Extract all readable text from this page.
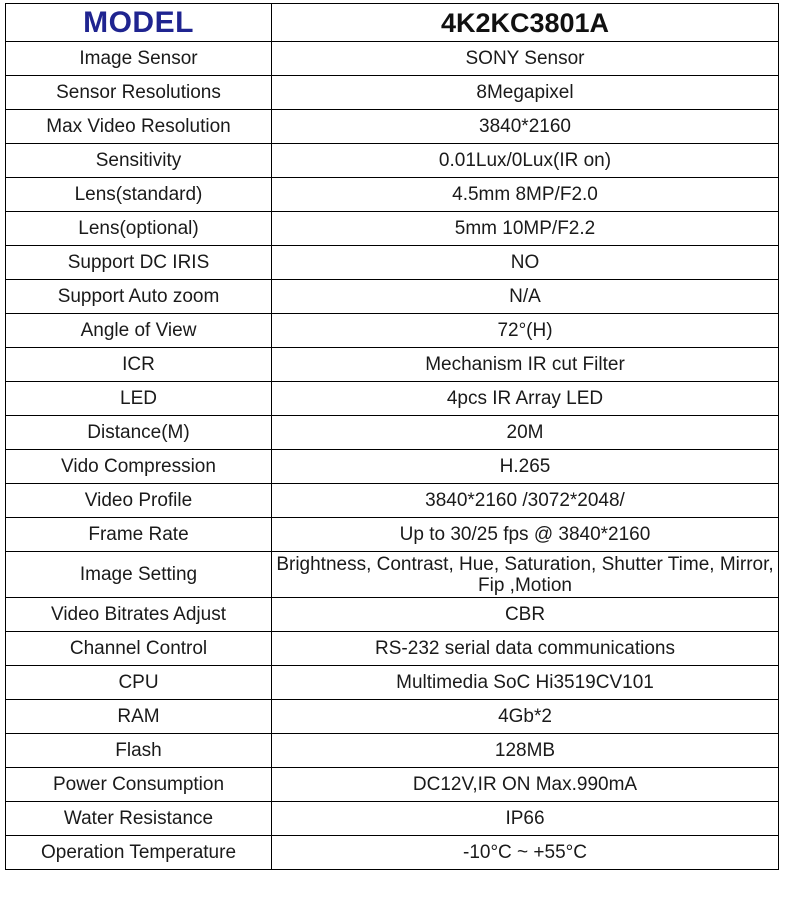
MODEL	4K2KC3801A
Image Sensor	SONY Sensor
Sensor Resolutions	8Megapixel
Max Video Resolution	3840*2160
Sensitivity	0.01Lux/0Lux(IR on)
Lens(standard)	4.5mm 8MP/F2.0
Lens(optional)	5mm 10MP/F2.2
Support DC IRIS	NO
Support Auto zoom	N/A
Angle of View	72°(H)
ICR	Mechanism IR cut Filter
LED	4pcs IR Array LED
Distance(M)	20M
Vido Compression	H.265
Video Profile	3840*2160 /3072*2048/
Frame Rate	Up to 30/25 fps @ 3840*2160
Image Setting	Brightness, Contrast, Hue, Saturation, Shutter Time, Mirror, Fip ,Motion
Video Bitrates Adjust	CBR
Channel Control	RS-232 serial data communications
CPU	Multimedia SoC Hi3519CV101
RAM	4Gb*2
Flash	128MB
Power Consumption	DC12V,IR ON Max.990mA
Water Resistance	IP66
Operation Temperature	-10°C ~ +55°C
